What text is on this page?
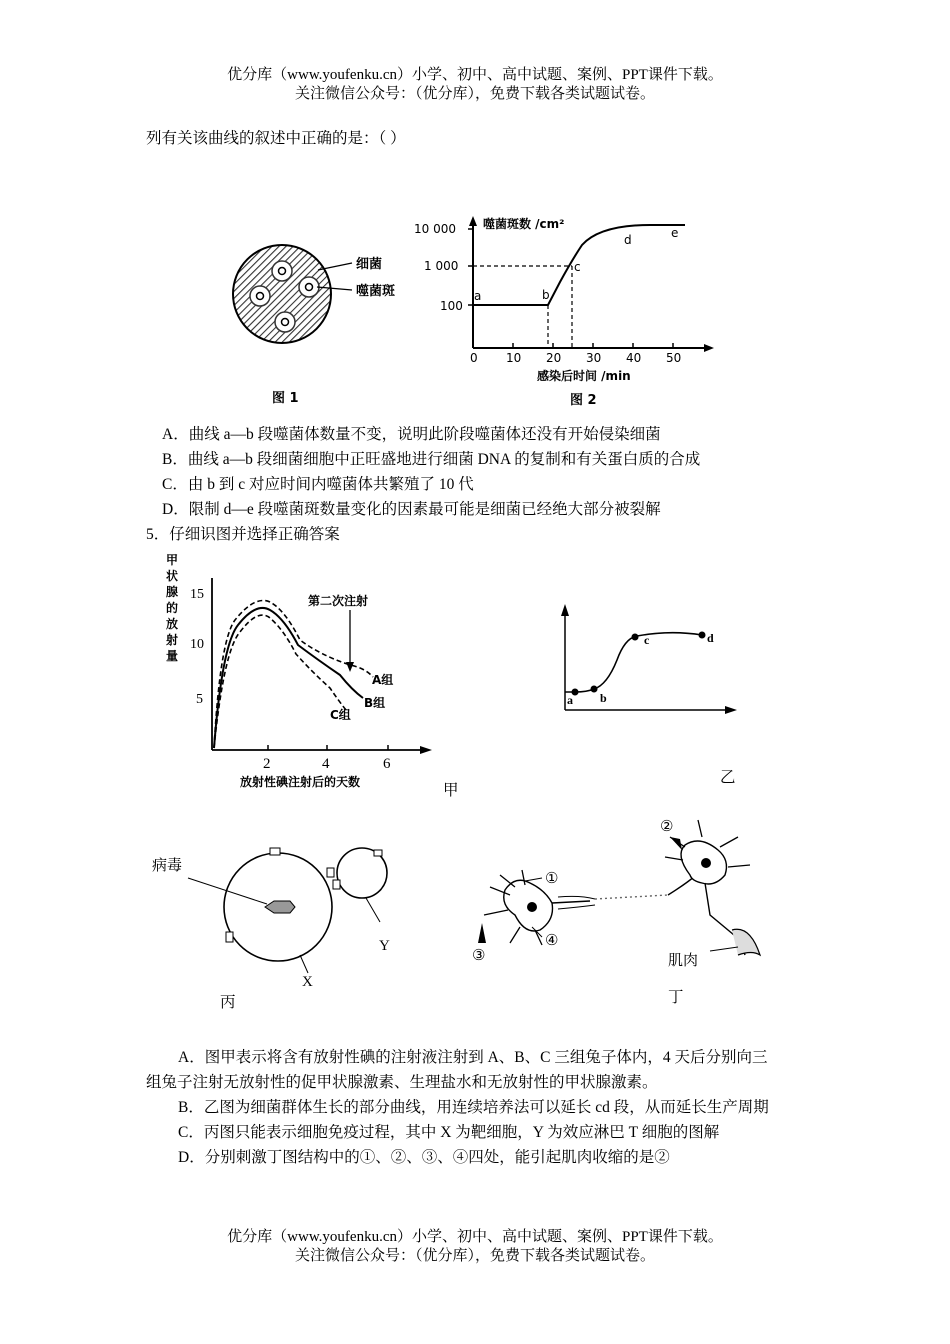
优分库（www.youfenku.cn）小学、初中、高中试题、案例、PPT课件下载。
关注微信公众号：（优分库），免费下载各类试题试卷。
列有关该曲线的叙述中正确的是：（ ）
细菌
噬菌斑
图 1
噬菌斑数 /cm²
感染后时间 /min
图 2
10 000
1 000
100
0 10 20 30 40 50
a	b
c
d	e
A．曲线 a—b 段噬菌体数量不变，说明此阶段噬菌体还没有开始侵染细菌
B．曲线 a—b 段细菌细胞中正旺盛地进行细菌 DNA 的复制和有关蛋白质的合成
C．由 b 到 c 对应时间内噬菌体共繁殖了 10 代
D．限制 d—e 段噬菌斑数量变化的因素最可能是细菌已经绝大部分被裂解
5．仔细识图并选择正确答案
甲
状
腺
的
放
射
量
15
10
5
2	4	6
放射性碘注射后的天数
第二次注射
A组
B组
C组
甲
a b
c	d
乙
病毒
X
Y
丙
肌肉
①
②
③
④
丁
A．图甲表示将含有放射性碘的注射液注射到 A、B、C 三组兔子体内，4 天后分别向三
组兔子注射无放射性的促甲状腺激素、生理盐水和无放射性的甲状腺激素。
B．乙图为细菌群体生长的部分曲线，用连续培养法可以延长 cd 段，从而延长生产周期
C．丙图只能表示细胞免疫过程，其中 X 为靶细胞，Y 为效应淋巴 T 细胞的图解
D．分别刺激丁图结构中的①、②、③、④四处，能引起肌肉收缩的是②
优分库（www.youfenku.cn）小学、初中、高中试题、案例、PPT课件下载。
关注微信公众号：（优分库），免费下载各类试题试卷。
